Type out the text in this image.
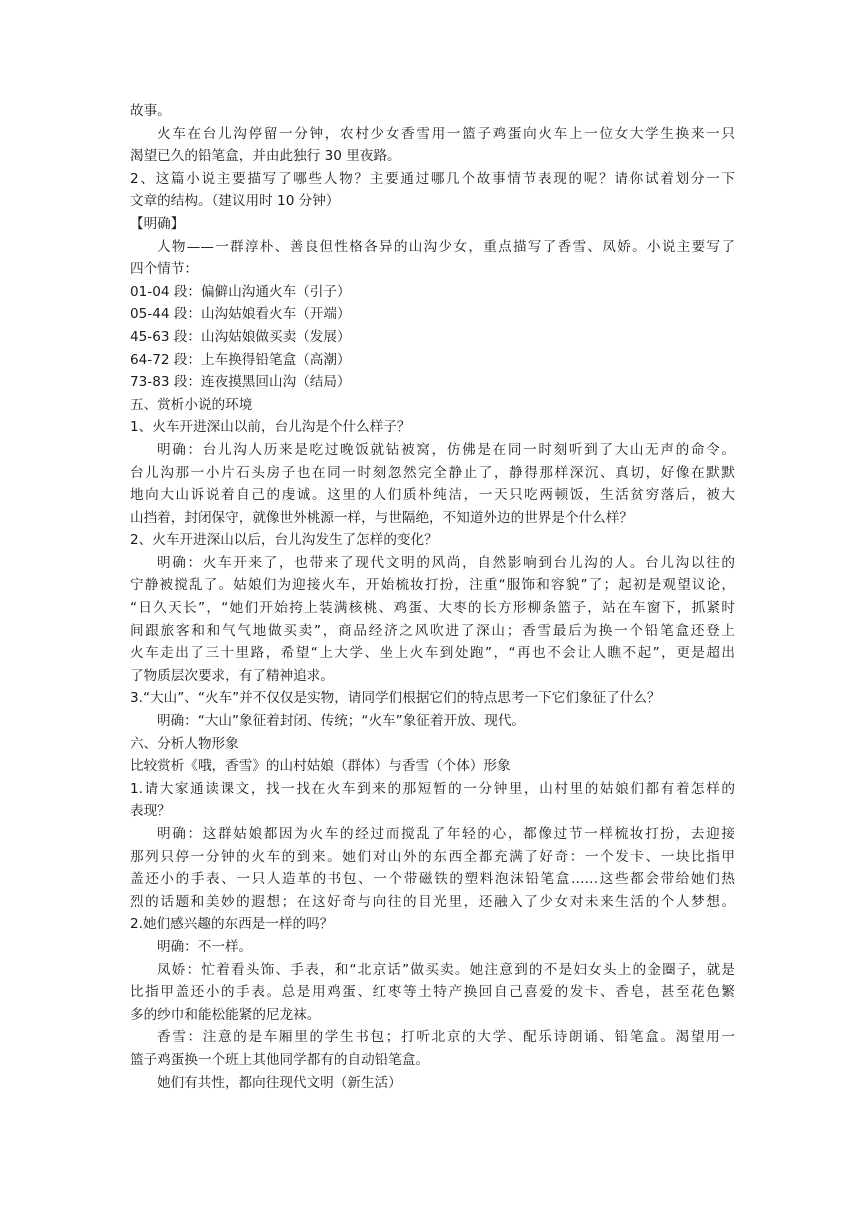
故事。
火车在台儿沟停留一分钟，农村少女香雪用一篮子鸡蛋向火车上一位女大学生换来一只
渴望已久的铅笔盒，并由此独行 30 里夜路。
2、这篇小说主要描写了哪些人物？主要通过哪几个故事情节表现的呢？请你试着划分一下
文章的结构。（建议用时 10 分钟）
【明确】
人物——一群淳朴、善良但性格各异的山沟少女，重点描写了香雪、凤娇。小说主要写了
四个情节：
01-04 段：偏僻山沟通火车（引子）
05-44 段：山沟姑娘看火车（开端）
45-63 段：山沟姑娘做买卖（发展）
64-72 段：上车换得铅笔盒（高潮）
73-83 段：连夜摸黑回山沟（结局）
五、赏析小说的环境
1、火车开进深山以前，台儿沟是个什么样子？
明确：台儿沟人历来是吃过晚饭就钻被窝，仿佛是在同一时刻听到了大山无声的命令。
台儿沟那一小片石头房子也在同一时刻忽然完全静止了，静得那样深沉、真切，好像在默默
地向大山诉说着自己的虔诚。这里的人们质朴纯洁，一天只吃两顿饭，生活贫穷落后，被大
山挡着，封闭保守，就像世外桃源一样，与世隔绝，不知道外边的世界是个什么样？
2、火车开进深山以后，台儿沟发生了怎样的变化？
明确：火车开来了，也带来了现代文明的风尚，自然影响到台儿沟的人。台儿沟以往的
宁静被搅乱了。姑娘们为迎接火车，开始梳妆打扮，注重“服饰和容貌”了；起初是观望议论，
“日久天长”，“她们开始挎上装满核桃、鸡蛋、大枣的长方形柳条篮子，站在车窗下，抓紧时
间跟旅客和和气气地做买卖”，商品经济之风吹进了深山；香雪最后为换一个铅笔盒还登上
火车走出了三十里路，希望“上大学、坐上火车到处跑”，“再也不会让人瞧不起”，更是超出
了物质层次要求，有了精神追求。
3.“大山”、“火车”并不仅仅是实物，请同学们根据它们的特点思考一下它们象征了什么？
明确：“大山”象征着封闭、传统；“火车”象征着开放、现代。
六、分析人物形象
比较赏析《哦，香雪》的山村姑娘（群体）与香雪（个体）形象
1.请大家通读课文，找一找在火车到来的那短暂的一分钟里，山村里的姑娘们都有着怎样的
表现？
明确：这群姑娘都因为火车的经过而搅乱了年轻的心，都像过节一样梳妆打扮，去迎接
那列只停一分钟的火车的到来。她们对山外的东西全都充满了好奇：一个发卡、一块比指甲
盖还小的手表、一只人造革的书包、一个带磁铁的塑料泡沫铅笔盒……这些都会带给她们热
烈的话题和美妙的遐想；在这好奇与向往的目光里，还融入了少女对未来生活的个人梦想。
2.她们感兴趣的东西是一样的吗？
明确：不一样。
凤娇：忙着看头饰、手表，和“北京话”做买卖。她注意到的不是妇女头上的金圈子，就是
比指甲盖还小的手表。总是用鸡蛋、红枣等土特产换回自己喜爱的发卡、香皂，甚至花色繁
多的纱巾和能松能紧的尼龙袜。
香雪：注意的是车厢里的学生书包；打听北京的大学、配乐诗朗诵、铅笔盒。渴望用一
篮子鸡蛋换一个班上其他同学都有的自动铅笔盒。
她们有共性，都向往现代文明（新生活）
